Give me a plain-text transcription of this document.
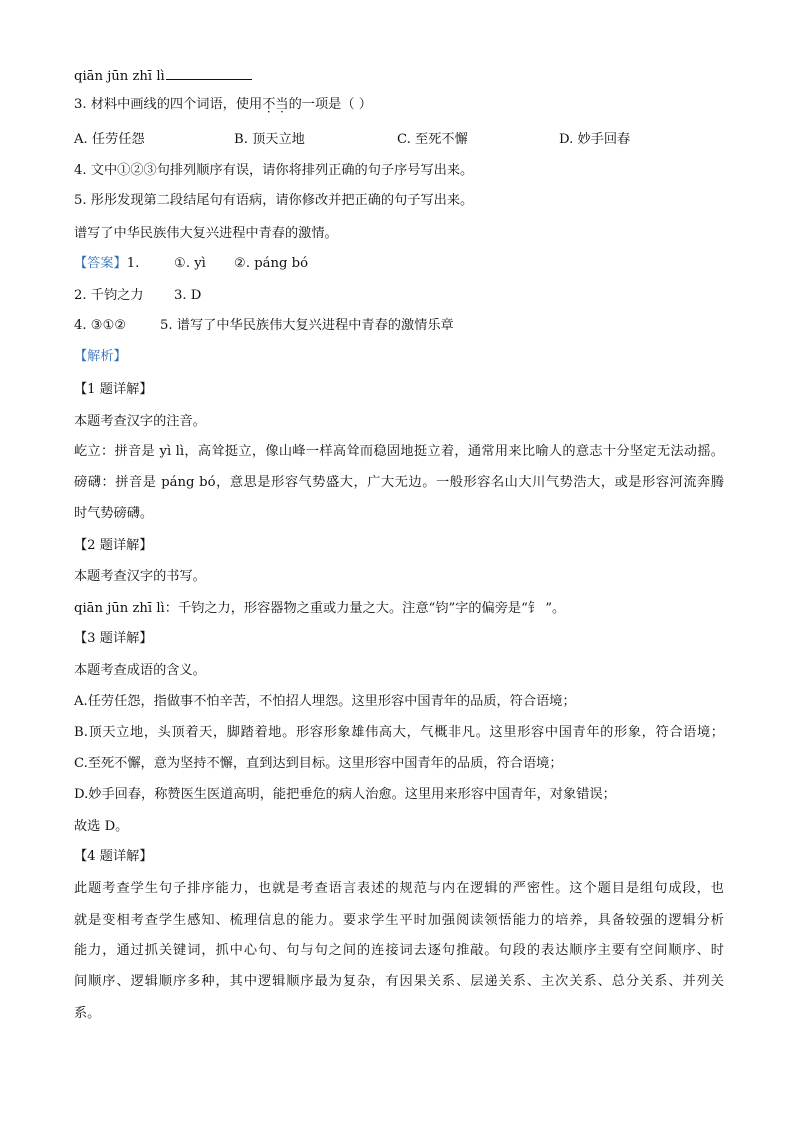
qiān jūn zhī lì

3. 材料中画线的四个词语，使用不当的一项是（ ）

A. 任劳任怨	B. 顶天立地	C. 至死不懈	D. 妙手回春

4. 文中①②③句排列顺序有误，请你将排列正确的句子序号写出来。

5. 彤彤发现第二段结尾句有语病，请你修改并把正确的句子写出来。

谱写了中华民族伟大复兴进程中青春的激情。

【答案】1.	①. yì ②. páng bó

2. 千钧之力 3. D

4. ③①②	5. 谱写了中华民族伟大复兴进程中青春的激情乐章

【解析】

【1 题详解】

本题考查汉字的注音。

屹立：拼音是 yì lì，高耸挺立，像山峰一样高耸而稳固地挺立着，通常用来比喻人的意志十分坚定无法动摇。

磅礴：拼音是 páng bó，意思是形容气势盛大，广大无边。一般形容名山大川气势浩大，或是形容河流奔腾

时气势磅礴。

【2 题详解】

本题考查汉字的书写。

qiān jūn zhī lì：千钧之力，形容器物之重或力量之大。注意“钧”字的偏旁是“钅 ”。

【3 题详解】

本题考查成语的含义。

A.任劳任怨，指做事不怕辛苦，不怕招人埋怨。这里形容中国青年的品质，符合语境；

B.顶天立地，头顶着天，脚踏着地。形容形象雄伟高大，气概非凡。这里形容中国青年的形象，符合语境；

C.至死不懈，意为坚持不懈，直到达到目标。这里形容中国青年的品质，符合语境；

D.妙手回春，称赞医生医道高明，能把垂危的病人治愈。这里用来形容中国青年，对象错误；

故选 D。

【4 题详解】

此题考查学生句子排序能力，也就是考查语言表述的规范与内在逻辑的严密性。这个题目是组句成段，也

就是变相考查学生感知、梳理信息的能力。要求学生平时加强阅读领悟能力的培养，具备较强的逻辑分析

能力，通过抓关键词，抓中心句、句与句之间的连接词去逐句推敲。句段的表达顺序主要有空间顺序、时

间顺序、逻辑顺序多种，其中逻辑顺序最为复杂，有因果关系、层递关系、主次关系、总分关系、并列关

系。
